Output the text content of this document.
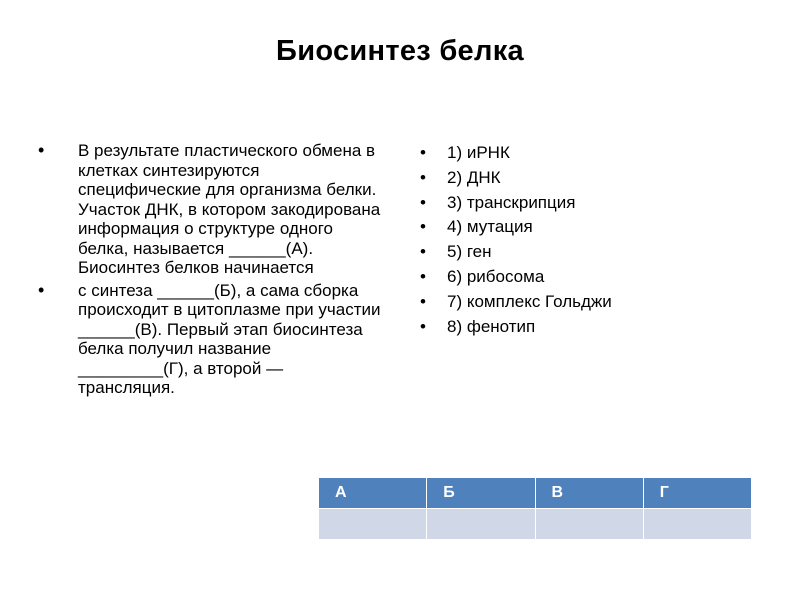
Биосинтез белка
• В результате пластического обмена в клетках синтезируются специфические для организма белки. Участок ДНК, в котором закодирована информация о структуре одного белка, называется ______(А). Биосинтез белков начинается
• с синтеза ______(Б), а сама сборка происходит в цитоплазме при участии ______(В). Первый этап биосинтеза белка получил название _________(Г), а второй — трансляция.
• 1) иРНК
• 2) ДНК
• 3) транскрипция
• 4) мутация
• 5) ген
• 6) рибосома
• 7) комплекс Гольджи
• 8) фенотип
А	Б	В	Г
